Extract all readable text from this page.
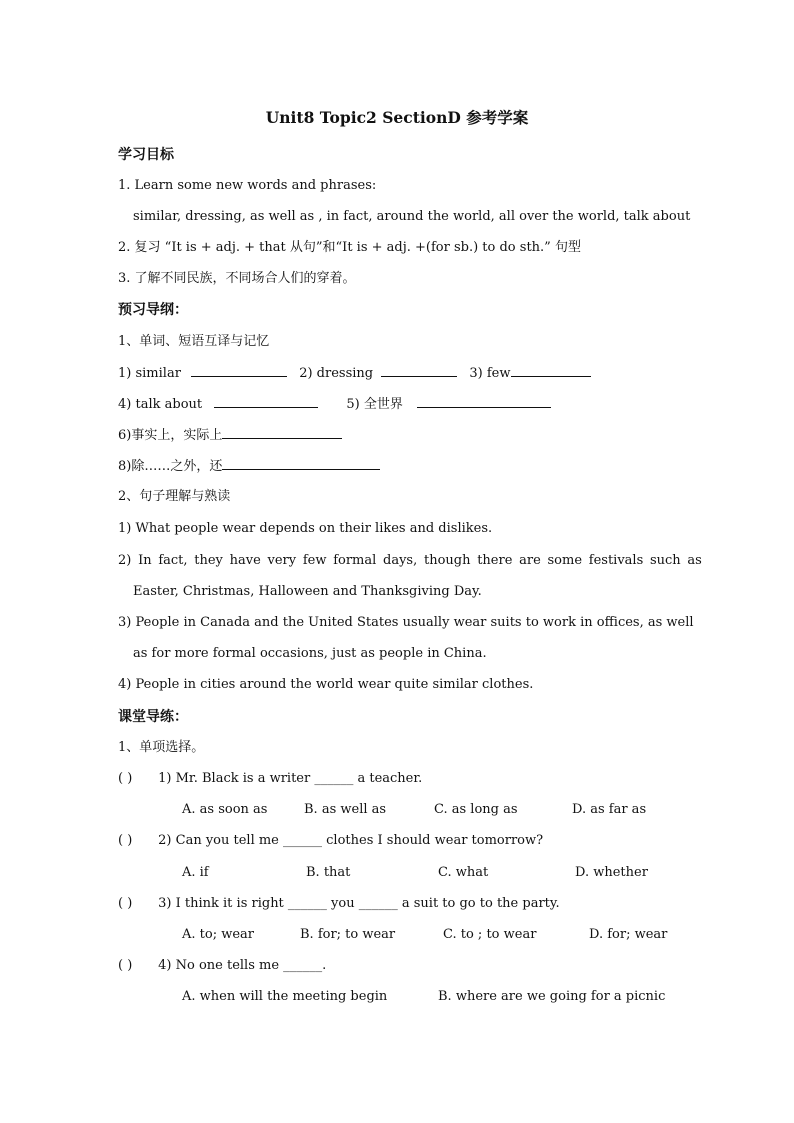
Unit8 Topic2 SectionD 参考学案
学习目标
1. Learn some new words and phrases:
similar, dressing, as well as , in fact, around the world, all over the world, talk about
2. 复习 “It is + adj. + that 从句”和“It is + adj. +(for sb.) to do sth.” 句型
3. 了解不同民族，不同场合人们的穿着。
预习导纲：
1、单词、短语互译与记忆
1) similar	2) dressing	3) few
4) talk about	5) 全世界
6)事实上，实际上
8)除……之外，还
2、句子理解与熟读
1) What people wear depends on their likes and dislikes.
2) In fact, they have very few formal days, though there are some festivals such as
Easter, Christmas, Halloween and Thanksgiving Day.
3) People in Canada and the United States usually wear suits to work in offices, as well
as for more formal occasions, just as people in China.
4) People in cities around the world wear quite similar clothes.
课堂导练：
1、单项选择。
( ) 1) Mr. Black is a writer ______ a teacher.
A. as soon as	B. as well as	C. as long as	D. as far as
( ) 2) Can you tell me ______ clothes I should wear tomorrow?
A. if	B. that	C. what	D. whether
( ) 3) I think it is right ______ you ______ a suit to go to the party.
A. to; wear	B. for; to wear	C. to ; to wear	D. for; wear
( ) 4) No one tells me ______.
A. when will the meeting begin	B. where are we going for a picnic
